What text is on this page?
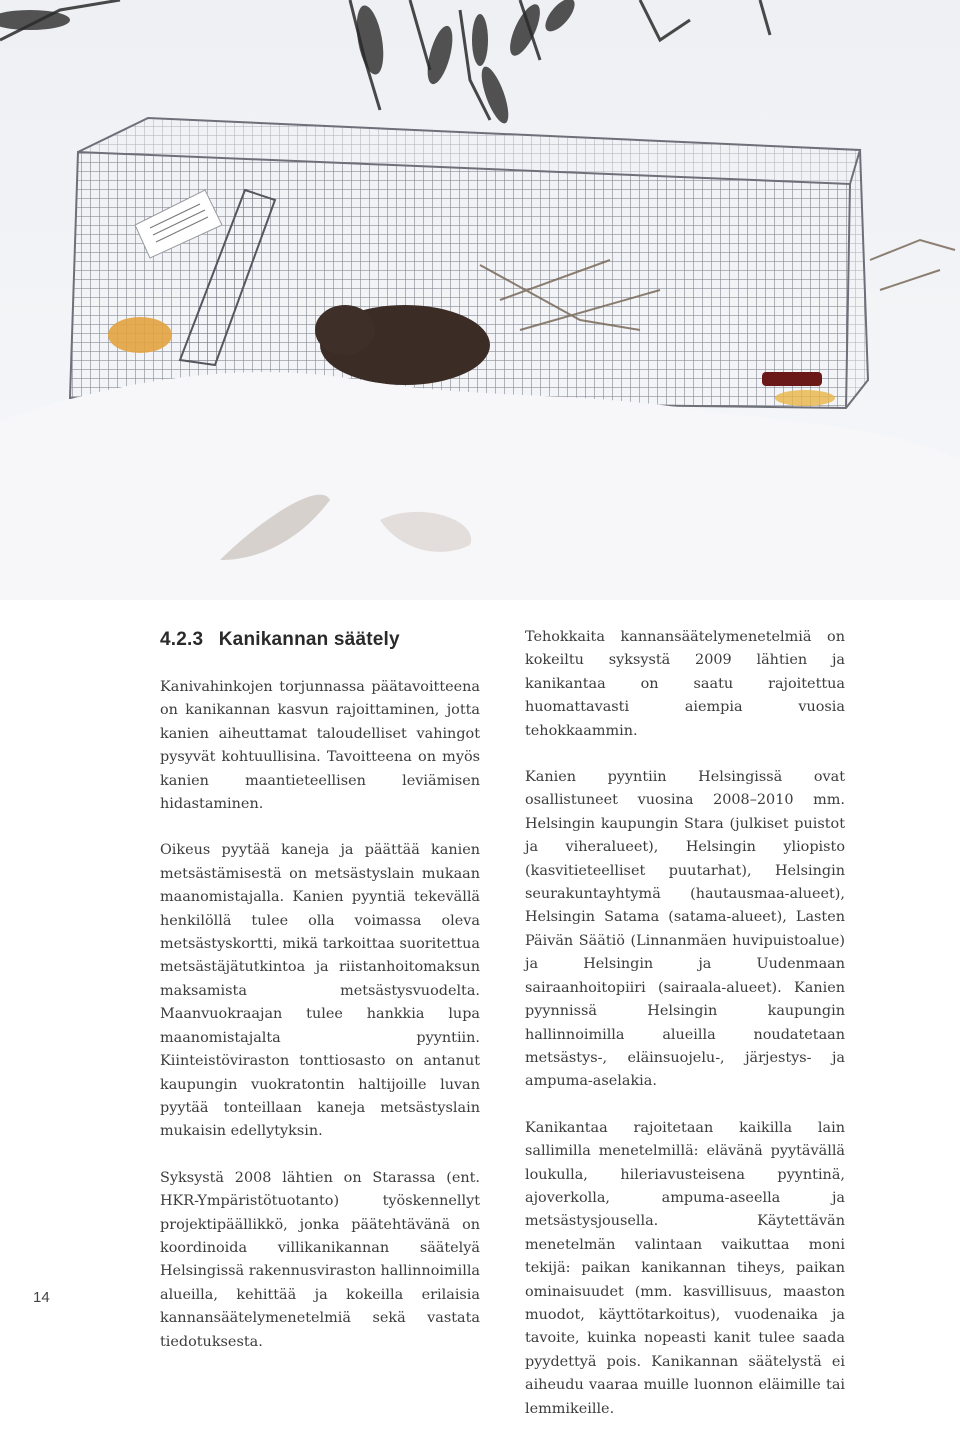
4.2.3 Kanikannan säätely

Kanivahinkojen torjunnassa päätavoitteena on kanikannan kasvun rajoittaminen, jotta kanien aiheuttamat taloudelliset vahingot pysyvät kohtuullisina. Tavoitteena on myös kanien maantieteellisen leviämisen hidastaminen.

Oikeus pyytää kaneja ja päättää kanien metsästämisestä on metsästyslain mukaan maanomistajalla. Kanien pyyntiä tekevällä henkilöllä tulee olla voimassa oleva metsästyskortti, mikä tarkoittaa suoritettua metsästäjätutkintoa ja riistanhoitomaksun maksamista metsästysvuodelta. Maanvuokraajan tulee hankkia lupa maanomistajalta pyyntiin. Kiinteistöviraston tonttiosasto on antanut kaupungin vuokratontin haltijoille luvan pyytää tonteillaan kaneja metsästyslain mukaisin edellytyksin.

Syksystä 2008 lähtien on Starassa (ent. HKR-Ympäristötuotanto) työskennellyt projektipäällikkö, jonka päätehtävänä on koordinoida villikanikannan säätelyä Helsingissä rakennusviraston hallinnoimilla alueilla, kehittää ja kokeilla erilaisia kannansäätelymenetelmiä sekä vastata tiedotuksesta.

Tehokkaita kannansäätelymenetelmiä on kokeiltu syksystä 2009 lähtien ja kanikantaa on saatu rajoitettua huomattavasti aiempia vuosia tehokkaammin.

Kanien pyyntiin Helsingissä ovat osallistuneet vuosina 2008–2010 mm. Helsingin kaupungin Stara (julkiset puistot ja viheralueet), Helsingin yliopisto (kasvitieteelliset puutarhat), Helsingin seurakuntayhtymä (hautausmaa-alueet), Helsingin Satama (satama-alueet), Lasten Päivän Säätiö (Linnanmäen huvipuistoalue) ja Helsingin ja Uudenmaan sairaanhoitopiiri (sairaala-alueet). Kanien pyynnissä Helsingin kaupungin hallinnoimilla alueilla noudatetaan metsästys-, eläinsuojelu-, järjestys- ja ampuma-aselakia.

Kanikantaa rajoitetaan kaikilla lain sallimilla menetelmillä: elävänä pyytävällä loukulla, hileriavusteisena pyyntinä, ajoverkolla, ampuma-aseella ja metsästysjousella. Käytettävän menetelmän valintaan vaikuttaa moni tekijä: paikan kanikannan tiheys, paikan ominaisuudet (mm. kasvillisuus, maaston muodot, käyttötarkoitus), vuodenaika ja tavoite, kuinka nopeasti kanit tulee saada pyydettyä pois. Kanikannan säätelystä ei aiheudu vaaraa muille luonnon eläimille tai lemmikeille.

14
